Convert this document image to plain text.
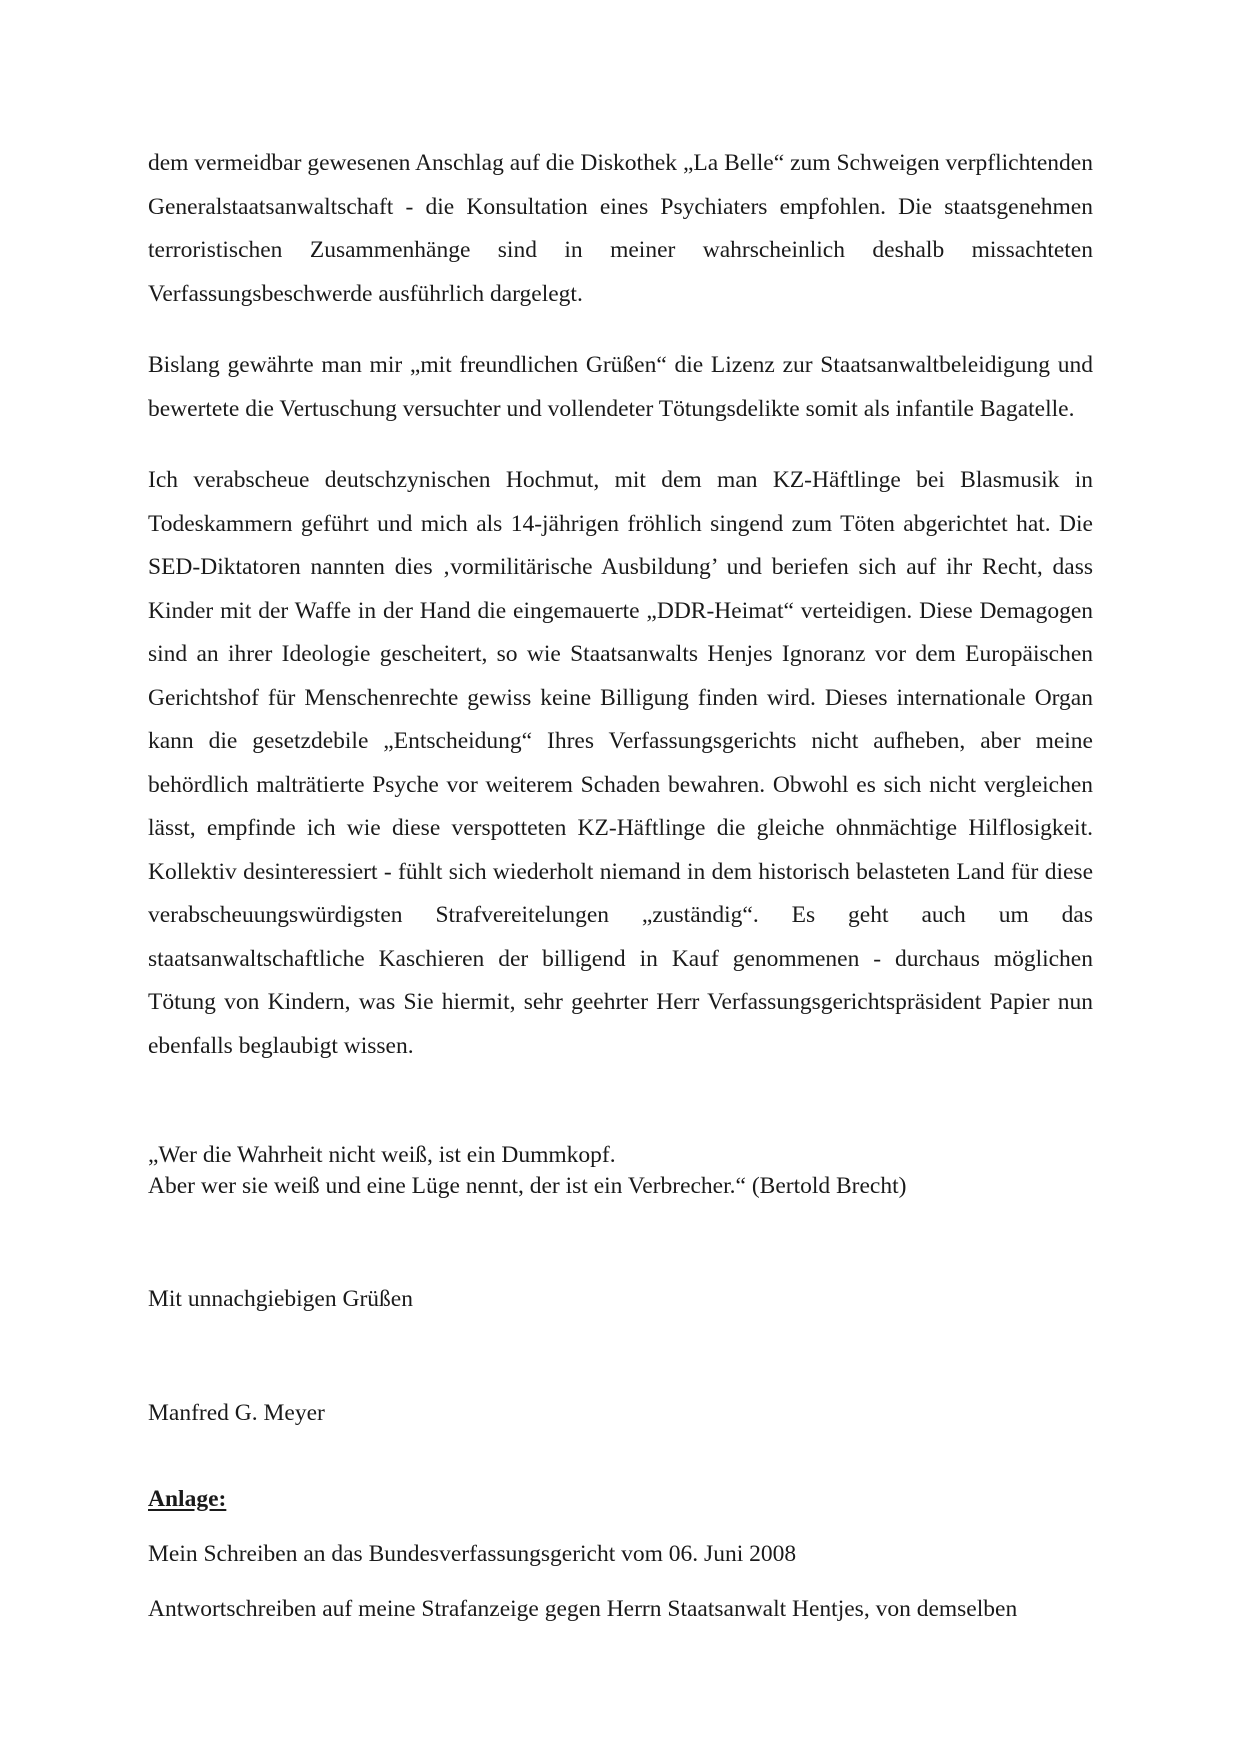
dem vermeidbar gewesenen Anschlag auf die Diskothek „La Belle“ zum Schweigen verpflichtenden Generalstaatsanwaltschaft - die Konsultation eines Psychiaters empfohlen. Die staatsgenehmen terroristischen Zusammenhänge sind in meiner wahrscheinlich deshalb missachteten Verfassungsbeschwerde ausführlich dargelegt.

Bislang gewährte man mir „mit freundlichen Grüßen“ die Lizenz zur Staatsanwaltbeleidigung und bewertete die Vertuschung versuchter und vollendeter Tötungsdelikte somit als infantile Bagatelle.

Ich verabscheue deutschzynischen Hochmut, mit dem man KZ-Häftlinge bei Blasmusik in Todeskammern geführt und mich als 14-jährigen fröhlich singend zum Töten abgerichtet hat. Die SED-Diktatoren nannten dies ‚vormilitärische Ausbildung’ und beriefen sich auf ihr Recht, dass Kinder mit der Waffe in der Hand die eingemauerte „DDR-Heimat“ verteidigen. Diese Demagogen sind an ihrer Ideologie gescheitert, so wie Staatsanwalts Henjes Ignoranz vor dem Europäischen Gerichtshof für Menschenrechte gewiss keine Billigung finden wird. Dieses internationale Organ kann die gesetzdebile „Entscheidung“ Ihres Verfassungsgerichts nicht aufheben, aber meine behördlich malträtierte Psyche vor weiterem Schaden bewahren. Obwohl es sich nicht vergleichen lässt, empfinde ich wie diese verspotteten KZ-Häftlinge die gleiche ohnmächtige Hilflosigkeit. Kollektiv desinteressiert - fühlt sich wiederholt niemand in dem historisch belasteten Land für diese verabscheuungswürdigsten Strafvereitelungen „zuständig“. Es geht auch um das staatsanwaltschaftliche Kaschieren der billigend in Kauf genommenen - durchaus möglichen Tötung von Kindern, was Sie hiermit, sehr geehrter Herr Verfassungsgerichtspräsident Papier nun ebenfalls beglaubigt wissen.

„Wer die Wahrheit nicht weiß, ist ein Dummkopf.
Aber wer sie weiß und eine Lüge nennt, der ist ein Verbrecher.“ (Bertold Brecht)
Mit unnachgiebigen Grüßen
Manfred G. Meyer
Anlage:
Mein Schreiben an das Bundesverfassungsgericht vom 06. Juni 2008
Antwortschreiben auf meine Strafanzeige gegen Herrn Staatsanwalt Hentjes, von demselben
